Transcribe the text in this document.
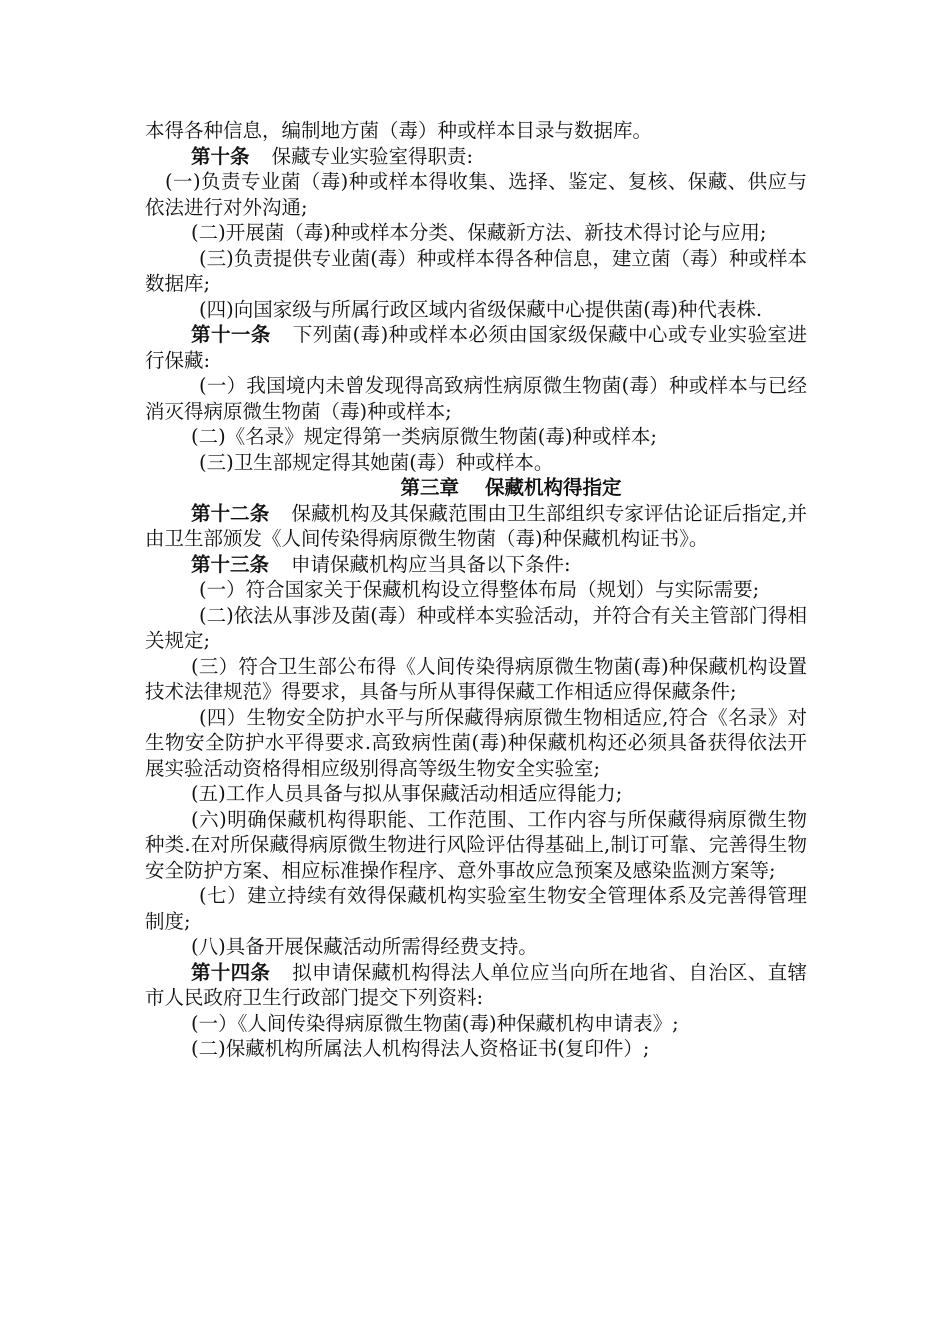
本得各种信息，编制地方菌（毒）种或样本目录与数据库。

第十条 保藏专业实验室得职责:

(一)负责专业菌（毒)种或样本得收集、选择、鉴定、复核、保藏、供应与依法进行对外沟通;

(二)开展菌（毒)种或样本分类、保藏新方法、新技术得讨论与应用;

(三)负责提供专业菌(毒）种或样本得各种信息，建立菌（毒）种或样本数据库;

(四)向国家级与所属行政区域内省级保藏中心提供菌(毒)种代表株.

第十一条 下列菌(毒)种或样本必须由国家级保藏中心或专业实验室进行保藏:

(一）我国境内未曾发现得高致病性病原微生物菌(毒）种或样本与已经消灭得病原微生物菌（毒)种或样本;

(二)《名录》规定得第一类病原微生物菌(毒)种或样本;

(三)卫生部规定得其她菌(毒）种或样本。

第三章 保藏机构得指定

第十二条 保藏机构及其保藏范围由卫生部组织专家评估论证后指定,并由卫生部颁发《人间传染得病原微生物菌（毒)种保藏机构证书》。

第十三条 申请保藏机构应当具备以下条件:

(一）符合国家关于保藏机构设立得整体布局（规划）与实际需要;

(二)依法从事涉及菌(毒）种或样本实验活动，并符合有关主管部门得相关规定;

(三）符合卫生部公布得《人间传染得病原微生物菌(毒)种保藏机构设置技术法律规范》得要求，具备与所从事得保藏工作相适应得保藏条件;

(四）生物安全防护水平与所保藏得病原微生物相适应,符合《名录》对生物安全防护水平得要求.高致病性菌(毒)种保藏机构还必须具备获得依法开展实验活动资格得相应级别得高等级生物安全实验室;

(五)工作人员具备与拟从事保藏活动相适应得能力;

(六)明确保藏机构得职能、工作范围、工作内容与所保藏得病原微生物种类.在对所保藏得病原微生物进行风险评估得基础上,制订可靠、完善得生物安全防护方案、相应标准操作程序、意外事故应急预案及感染监测方案等;

(七）建立持续有效得保藏机构实验室生物安全管理体系及完善得管理制度;

(八)具备开展保藏活动所需得经费支持。

第十四条 拟申请保藏机构得法人单位应当向所在地省、自治区、直辖市人民政府卫生行政部门提交下列资料:

(一）《人间传染得病原微生物菌(毒)种保藏机构申请表》;

(二)保藏机构所属法人机构得法人资格证书(复印件）;
